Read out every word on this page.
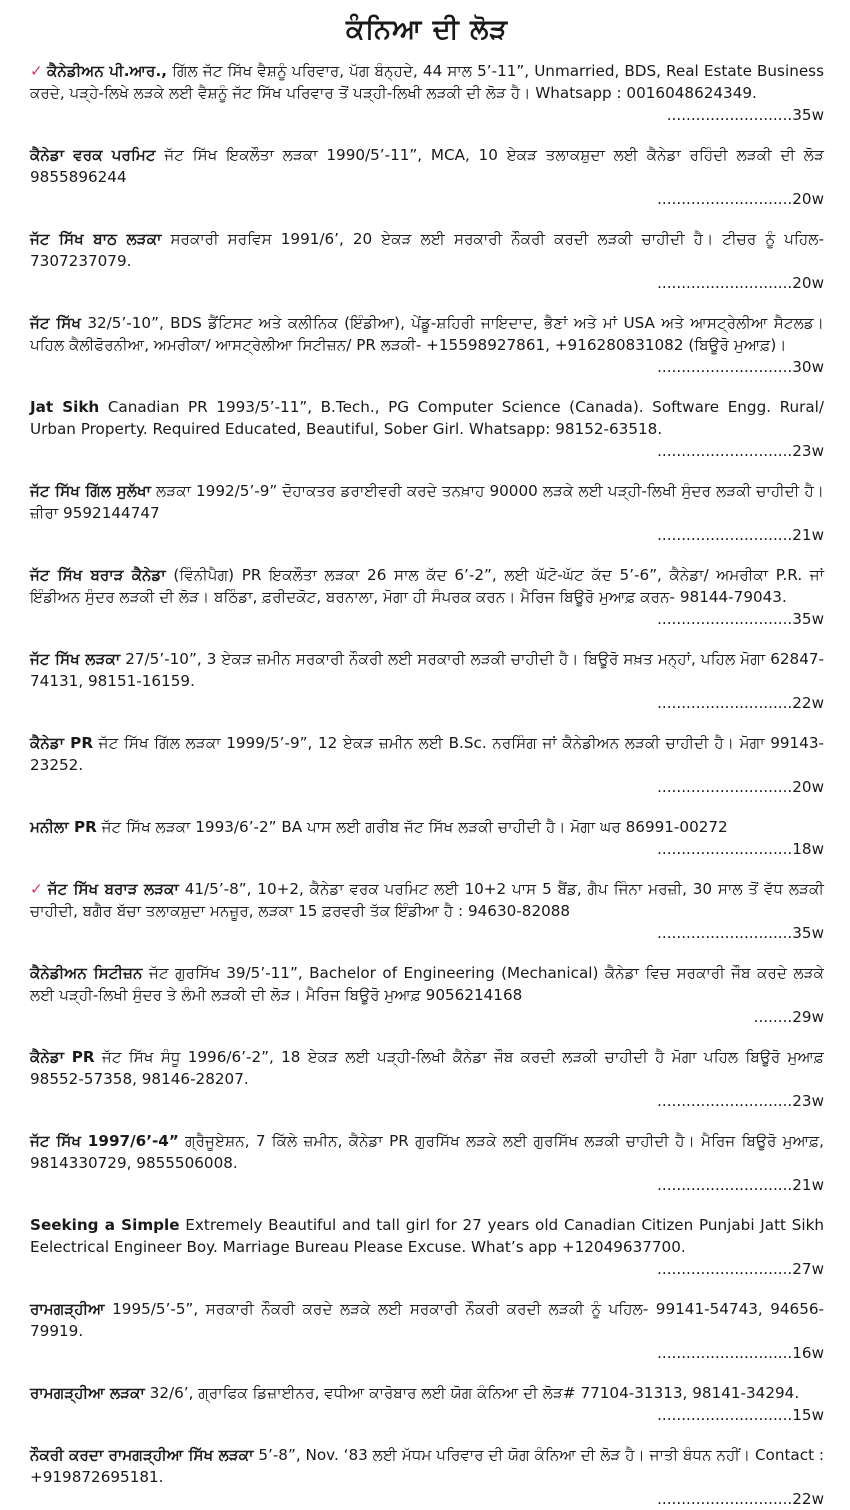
ਕੰਨਿਆ ਦੀ ਲੋੜ
✓ ਕੈਨੇਡੀਅਨ ਪੀ.ਆਰ., ਗਿੱਲ ਜੱਟ ਸਿੱਖ ਵੈਸ਼ਨੂੰ ਪਰਿਵਾਰ, ਪੱਗ ਬੰਨ੍ਹਦੇ, 44 ਸਾਲ 5’-11”, Unmarried, BDS, Real Estate Business ਕਰਦੇ, ਪੜ੍ਹੇ-ਲਿਖੇ ਲੜਕੇ ਲਈ ਵੈਸ਼ਨੂੰ ਜੱਟ ਸਿੱਖ ਪਰਿਵਾਰ ਤੋਂ ਪੜ੍ਹੀ-ਲਿਖੀ ਲੜਕੀ ਦੀ ਲੋੜ ਹੈ। Whatsapp : 0016048624349.
..........................35w
ਕੈਨੇਡਾ ਵਰਕ ਪਰਮਿਟ ਜੱਟ ਸਿੱਖ ਇਕਲੌਤਾ ਲੜਕਾ 1990/5’-11”, MCA, 10 ਏਕੜ ਤਲਾਕਸ਼ੁਦਾ ਲਈ ਕੈਨੇਡਾ ਰਹਿੰਦੀ ਲੜਕੀ ਦੀ ਲੋੜ 9855896244
............................20w
ਜੱਟ ਸਿੱਖ ਬਾਠ ਲੜਕਾ ਸਰਕਾਰੀ ਸਰਵਿਸ 1991/6’, 20 ਏਕੜ ਲਈ ਸਰਕਾਰੀ ਨੌਕਰੀ ਕਰਦੀ ਲੜਕੀ ਚਾਹੀਦੀ ਹੈ। ਟੀਚਰ ਨੂੰ ਪਹਿਲ- 7307237079.
............................20w
ਜੱਟ ਸਿੱਖ 32/5’-10”, BDS ਡੈਂਟਿਸਟ ਅਤੇ ਕਲੀਨਿਕ (ਇੰਡੀਆ), ਪੇਂਡੂ-ਸ਼ਹਿਰੀ ਜਾਇਦਾਦ, ਭੈਣਾਂ ਅਤੇ ਮਾਂ USA ਅਤੇ ਆਸਟ੍ਰੇਲੀਆ ਸੈਟਲਡ। ਪਹਿਲ ਕੈਲੀਫੋਰਨੀਆ, ਅਮਰੀਕਾ/ ਆਸਟ੍ਰੇਲੀਆ ਸਿਟੀਜ਼ਨ/ PR ਲੜਕੀ- +15598927861, +916280831082 (ਬਿਊਰੋ ਮੁਆਫ਼)।
............................30w
Jat Sikh Canadian PR 1993/5’-11”, B.Tech., PG Computer Science (Canada). Software Engg. Rural/ Urban Property. Required Educated, Beautiful, Sober Girl. Whatsapp: 98152-63518.
............................23w
ਜੱਟ ਸਿੱਖ ਗਿੱਲ ਸੁਲੱਖਾ ਲੜਕਾ 1992/5’-9” ਦੋਹਾਕਤਰ ਡਰਾਈਵਰੀ ਕਰਦੇ ਤਨਖ਼ਾਹ 90000 ਲੜਕੇ ਲਈ ਪੜ੍ਹੀ-ਲਿਖੀ ਸੁੰਦਰ ਲੜਕੀ ਚਾਹੀਦੀ ਹੈ। ਜ਼ੀਰਾ 9592144747
............................21w
ਜੱਟ ਸਿੱਖ ਬਰਾੜ ਕੈਨੇਡਾ (ਵਿੰਨੀਪੈਗ) PR ਇਕਲੌਤਾ ਲੜਕਾ 26 ਸਾਲ ਕੱਦ 6’-2”, ਲਈ ਘੱਟੋ-ਘੱਟ ਕੱਦ 5’-6”, ਕੈਨੇਡਾ/ ਅਮਰੀਕਾ P.R. ਜਾਂ ਇੰਡੀਅਨ ਸੁੰਦਰ ਲੜਕੀ ਦੀ ਲੋੜ। ਬਠਿੰਡਾ, ਫ਼ਰੀਦਕੋਟ, ਬਰਨਾਲਾ, ਮੋਗਾ ਹੀ ਸੰਪਰਕ ਕਰਨ। ਮੈਰਿਜ ਬਿਊਰੋ ਮੁਆਫ਼ ਕਰਨ- 98144-79043.
............................35w
ਜੱਟ ਸਿੱਖ ਲੜਕਾ 27/5’-10”, 3 ਏਕੜ ਜ਼ਮੀਨ ਸਰਕਾਰੀ ਨੌਕਰੀ ਲਈ ਸਰਕਾਰੀ ਲੜਕੀ ਚਾਹੀਦੀ ਹੈ। ਬਿਊਰੋ ਸਖ਼ਤ ਮਨ੍ਹਾਂ, ਪਹਿਲ ਮੋਗਾ 62847-74131, 98151-16159.
............................22w
ਕੈਨੇਡਾ PR ਜੱਟ ਸਿੱਖ ਗਿੱਲ ਲੜਕਾ 1999/5’-9”, 12 ਏਕੜ ਜ਼ਮੀਨ ਲਈ B.Sc. ਨਰਸਿੰਗ ਜਾਂ ਕੈਨੇਡੀਅਨ ਲੜਕੀ ਚਾਹੀਦੀ ਹੈ। ਮੋਗਾ 99143-23252.
............................20w
ਮਨੀਲਾ PR ਜੱਟ ਸਿੱਖ ਲੜਕਾ 1993/6’-2” BA ਪਾਸ ਲਈ ਗਰੀਬ ਜੱਟ ਸਿੱਖ ਲੜਕੀ ਚਾਹੀਦੀ ਹੈ। ਮੋਗਾ ਘਰ 86991-00272
............................18w
✓ ਜੱਟ ਸਿੱਖ ਬਰਾੜ ਲੜਕਾ 41/5’-8”, 10+2, ਕੈਨੇਡਾ ਵਰਕ ਪਰਮਿਟ ਲਈ 10+2 ਪਾਸ 5 ਬੈਂਡ, ਗੈਪ ਜਿੰਨਾ ਮਰਜ਼ੀ, 30 ਸਾਲ ਤੋਂ ਵੱਧ ਲੜਕੀ ਚਾਹੀਦੀ, ਬਗੈਰ ਬੱਚਾ ਤਲਾਕਸ਼ੁਦਾ ਮਨਜ਼ੂਰ, ਲੜਕਾ 15 ਫ਼ਰਵਰੀ ਤੱਕ ਇੰਡੀਆ ਹੈ : 94630-82088
............................35w
ਕੈਨੇਡੀਅਨ ਸਿਟੀਜ਼ਨ ਜੱਟ ਗੁਰਸਿੱਖ 39/5’-11”, Bachelor of Engineering (Mechanical) ਕੈਨੇਡਾ ਵਿਚ ਸਰਕਾਰੀ ਜੌਬ ਕਰਦੇ ਲੜਕੇ ਲਈ ਪੜ੍ਹੀ-ਲਿਖੀ ਸੁੰਦਰ ਤੇ ਲੰਮੀ ਲੜਕੀ ਦੀ ਲੋੜ। ਮੈਰਿਜ ਬਿਊਰੋ ਮੁਆਫ਼ 9056214168
........29w
ਕੈਨੇਡਾ PR ਜੱਟ ਸਿੱਖ ਸੰਧੂ 1996/6’-2”, 18 ਏਕੜ ਲਈ ਪੜ੍ਹੀ-ਲਿਖੀ ਕੈਨੇਡਾ ਜੌਬ ਕਰਦੀ ਲੜਕੀ ਚਾਹੀਦੀ ਹੈ ਮੋਗਾ ਪਹਿਲ ਬਿਊਰੋ ਮੁਆਫ਼ 98552-57358, 98146-28207.
............................23w
ਜੱਟ ਸਿੱਖ 1997/6’-4” ਗ੍ਰੈਜੂਏਸ਼ਨ, 7 ਕਿੱਲੇ ਜ਼ਮੀਨ, ਕੈਨੇਡਾ PR ਗੁਰਸਿੱਖ ਲੜਕੇ ਲਈ ਗੁਰਸਿੱਖ ਲੜਕੀ ਚਾਹੀਦੀ ਹੈ। ਮੈਰਿਜ ਬਿਊਰੋ ਮੁਆਫ਼, 9814330729, 9855506008.
............................21w
Seeking a Simple Extremely Beautiful and tall girl for 27 years old Canadian Citizen Punjabi Jatt Sikh Eelectrical Engineer Boy. Marriage Bureau Please Excuse. What’s app +12049637700.
............................27w
ਰਾਮਗੜ੍ਹੀਆ 1995/5’-5”, ਸਰਕਾਰੀ ਨੌਕਰੀ ਕਰਦੇ ਲੜਕੇ ਲਈ ਸਰਕਾਰੀ ਨੌਕਰੀ ਕਰਦੀ ਲੜਕੀ ਨੂੰ ਪਹਿਲ- 99141-54743, 94656-79919.
............................16w
ਰਾਮਗੜ੍ਹੀਆ ਲੜਕਾ 32/6’, ਗ੍ਰਾਫਿਕ ਡਿਜ਼ਾਈਨਰ, ਵਧੀਆ ਕਾਰੋਬਾਰ ਲਈ ਯੋਗ ਕੰਨਿਆ ਦੀ ਲੋੜ# 77104-31313, 98141-34294.
............................15w
ਨੌਕਰੀ ਕਰਦਾ ਰਾਮਗੜ੍ਹੀਆ ਸਿੱਖ ਲੜਕਾ 5’-8”, Nov. ‘83 ਲਈ ਮੱਧਮ ਪਰਿਵਾਰ ਦੀ ਯੋਗ ਕੰਨਿਆ ਦੀ ਲੋੜ ਹੈ। ਜਾਤੀ ਬੰਧਨ ਨਹੀਂ। Contact : +919872695181.
............................22w
